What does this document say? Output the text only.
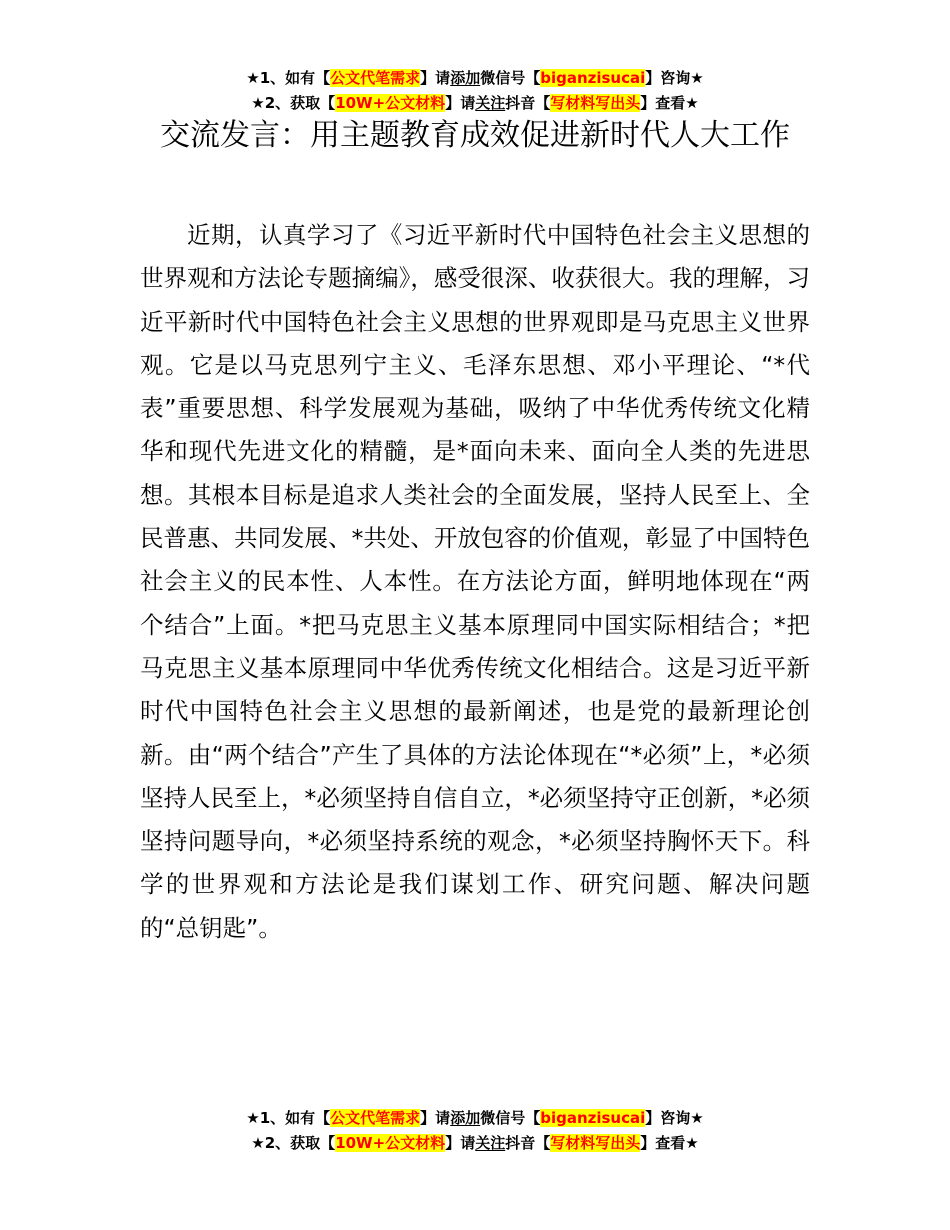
★1、如有【公文代笔需求】请添加微信号【biganzisucai】咨询★
★2、获取【10W+公文材料】请关注抖音【写材料写出头】查看★
交流发言：用主题教育成效促进新时代人大工作

近期，认真学习了《习近平新时代中国特色社会主义思想的世界观和方法论专题摘编》，感受很深、收获很大。我的理解，习近平新时代中国特色社会主义思想的世界观即是马克思主义世界观。它是以马克思列宁主义、毛泽东思想、邓小平理论、“*代表”重要思想、科学发展观为基础，吸纳了中华优秀传统文化精华和现代先进文化的精髓，是*面向未来、面向全人类的先进思想。其根本目标是追求人类社会的全面发展，坚持人民至上、全民普惠、共同发展、*共处、开放包容的价值观，彰显了中国特色社会主义的民本性、人本性。在方法论方面，鲜明地体现在“两个结合”上面。*把马克思主义基本原理同中国实际相结合；*把马克思主义基本原理同中华优秀传统文化相结合。这是习近平新时代中国特色社会主义思想的最新阐述，也是党的最新理论创新。由“两个结合”产生了具体的方法论体现在“*必须”上，*必须坚持人民至上，*必须坚持自信自立，*必须坚持守正创新，*必须坚持问题导向，*必须坚持系统的观念，*必须坚持胸怀天下。科学的世界观和方法论是我们谋划工作、研究问题、解决问题的“总钥匙”。

★1、如有【公文代笔需求】请添加微信号【biganzisucai】咨询★
★2、获取【10W+公文材料】请关注抖音【写材料写出头】查看★
